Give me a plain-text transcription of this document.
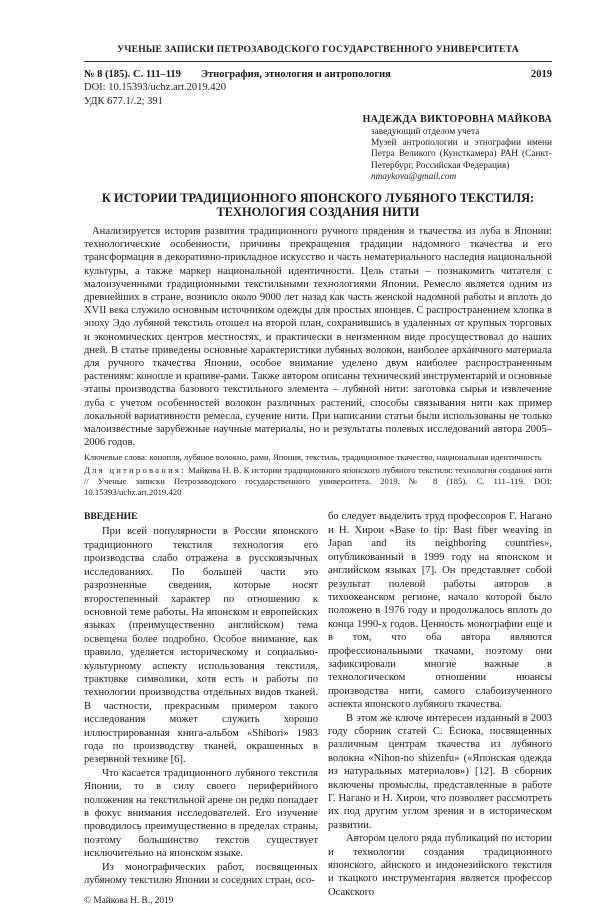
УЧЕНЫЕ ЗАПИСКИ ПЕТРОЗАВОДСКОГО ГОСУДАРСТВЕННОГО УНИВЕРСИТЕТА
№ 8 (185). С. 111–119	Этнография, этнология и антропология	2019
DOI: 10.15393/uchz.art.2019.420
УДК 677.1/.2; 391
НАДЕЖДА ВИКТОРОВНА МАЙКОВА
заведующий отделом учета
Музей антропологии и этнографии имени Петра Великого (Кунсткамера) РАН (Санкт-Петербург, Российская Федерация)
nmaykova@gmail.com
К ИСТОРИИ ТРАДИЦИОННОГО ЯПОНСКОГО ЛУБЯНОГО ТЕКСТИЛЯ:
ТЕХНОЛОГИЯ СОЗДАНИЯ НИТИ
Анализируется история развития традиционного ручного прядения и ткачества из луба в Японии: технологические особенности, причины прекращения традиции надомного ткачества и его трансформация в декоративно-прикладное искусство и часть нематериального наследия национальной культуры, а также маркер национальной идентичности. Цель статьи – познакомить читателя с малоизученными традиционными текстильными технологиями Японии. Ремесло является одним из древнейших в стране, возникло около 9000 лет назад как часть женской надомной работы и вплоть до XVII века служило основным источником одежды для простых японцев. С распространением хлопка в эпоху Эдо лубяной текстиль отошел на второй план, сохранившись в удаленных от крупных торговых и экономических центров местностях, и практически в неизменном виде просуществовал до наших дней. В статье приведены основные характеристики лубяных волокон, наиболее архаичного материала для ручного ткачества Японии, особое внимание уделено двум наиболее распространенным растениям: конопле и крапиве-рами. Также автором описаны технический инструментарий и основные этапы производства базового текстильного элемента – лубяной нити: заготовка сырья и извлечение луба с учетом особенностей волокон различных растений, способы связывания нити как пример локальной вариативности ремесла, сучение нити. При написании статьи были использованы не только малоизвестные зарубежные научные материалы, но и результаты полевых исследований автора 2005–2006 годов.
Ключевые слова: конопля, лубяное волокно, рами, Япония, текстиль, традиционное ткачество, национальная идентичность
Для цитирования: Майкова Н. В. К истории традиционного японского лубяного текстиля: технология создания нити // Ученые записки Петрозаводского государственного университета. 2019. № 8 (185). С. 111–119. DOI: 10.15393/uchz.art.2019.420
ВВЕДЕНИЕ

При всей популярности в России японского традиционного текстиля технология его производства слабо отражена в русскоязычных исследованиях. По большей части это разрозненные сведения, которые носят второстепенный характер по отношению к основной теме работы. На японском и европейских языках (преимущественно английском) тема освещена более подробно. Особое внимание, как правило, уделяется историческому и социально-культурному аспекту использования текстиля, трактовке символики, хотя есть и работы по технологии производства отдельных видов тканей. В частности, прекрасным примером такого исследования может служить хорошо иллюстрированная книга-альбом «Shibori» 1983 года по производству тканей, окрашенных в резервной технике [6].

Что касается традиционного лубяного текстиля Японии, то в силу своего периферийного положения на текстильной арене он редко попадает в фокус внимания исследователей. Его изучение проводилось преимущественно в пределах страны, поэтому большинство текстов существует исключительно на японском языке.

Из монографических работ, посвященных лубяному текстилю Японии и соседних стран, осо-

© Майкова Н. В., 2019

бо следует выделить труд профессоров Г. Нагано и Н. Хирои «Base to tip: Bast fiber weaving in Japan and its neighboring countries», опубликованный в 1999 году на японском и английском языках [7]. Он представляет собой результат полевой работы авторов в тихоокеанском регионе, начало которой было положено в 1976 году и продолжалось вплоть до конца 1990-х годов. Ценность монографии еще и в том, что оба автора являются профессиональными ткачами, поэтому они зафиксировали многие важные в технологическом отношении нюансы производства нити, самого слабоизученного аспекта японского лубяного ткачества.

В этом же ключе интересен изданный в 2003 году сборник статей С. Ёсиока, посвященных различным центрам ткачества из лубяного волокна «Nihon-no shizenfu» («Японская одежда из натуральных материалов») [12]. В сборник включены промыслы, представленные в работе Г. Нагано и Н. Хирои, что позволяет рассмотреть их под другим углом зрения и в историческом развитии.

Автором целого ряда публикаций по истории и технологии создания традиционного японского, айнского и индонезийского текстиля и ткацкого инструментария является профессор Осакского
